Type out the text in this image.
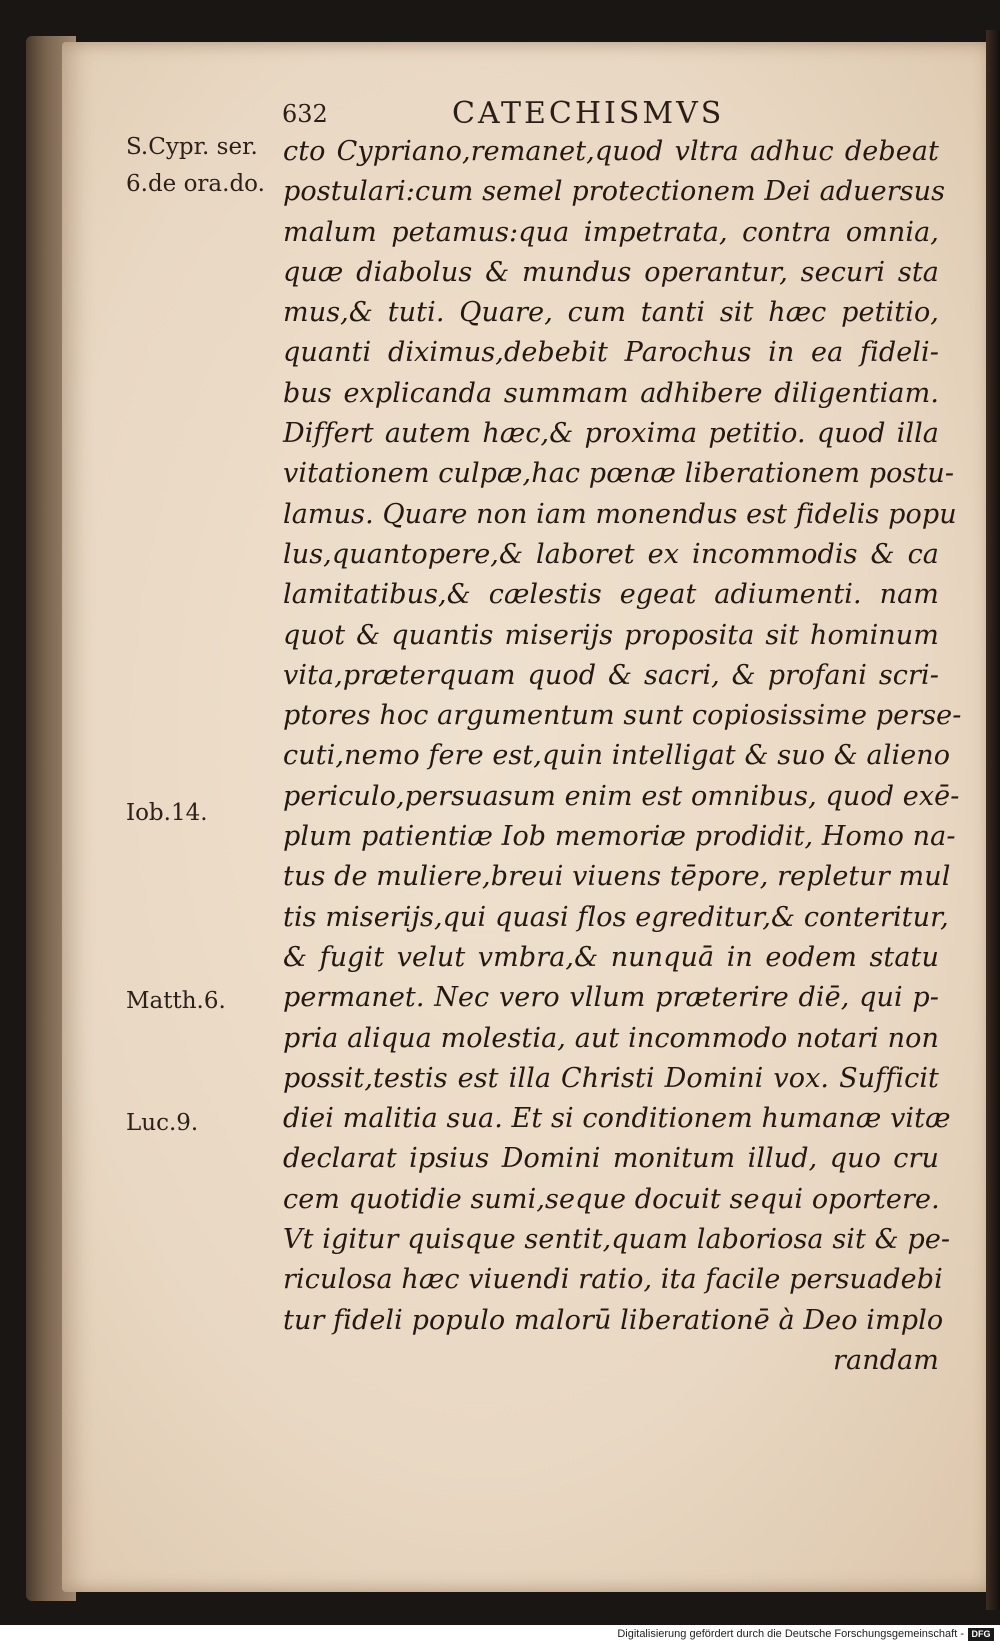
632	CATECHISMVS
S.Cypr. ser.
6.de ora.do.
Iob.14.
Matth.6.
Luc.9.
cto Cypriano,remanet,quod vltra adhuc debeat
postulari:cum semel protectionem Dei aduersus
malum petamus:qua impetrata, contra omnia,
quæ diabolus & mundus operantur, securi sta
mus,& tuti. Quare, cum tanti sit hæc petitio,
quanti diximus,debebit Parochus in ea fideli-
bus explicanda summam adhibere diligentiam.
Differt autem hæc,& proxima petitio. quod illa
vitationem culpæ,hac pœnæ liberationem postu-
lamus. Quare non iam monendus est fidelis popu
lus,quantopere,& laboret ex incommodis & ca
lamitatibus,& cælestis egeat adiumenti. nam
quot & quantis miserijs proposita sit hominum
vita,præterquam quod & sacri, & profani scri-
ptores hoc argumentum sunt copiosissime perse-
cuti,nemo fere est,quin intelligat & suo & alieno
periculo,persuasum enim est omnibus, quod exē-
plum patientiæ Iob memoriæ prodidit, Homo na-
tus de muliere,breui viuens tēpore, repletur mul
tis miserijs,qui quasi flos egreditur,& conteritur,
& fugit velut vmbra,& nunquā in eodem statu
permanet. Nec vero vllum præterire diē, qui p-
pria aliqua molestia, aut incommodo notari non
possit,testis est illa Christi Domini vox. Sufficit
diei malitia sua. Et si conditionem humanæ vitæ
declarat ipsius Domini monitum illud, quo cru
cem quotidie sumi,seque docuit sequi oportere.
Vt igitur quisque sentit,quam laboriosa sit & pe-
riculosa hæc viuendi ratio, ita facile persuadebi
tur fideli populo malorū liberationē à Deo implo
randam
Digitalisierung gefördert durch die Deutsche Forschungsgemeinschaft - DFG
